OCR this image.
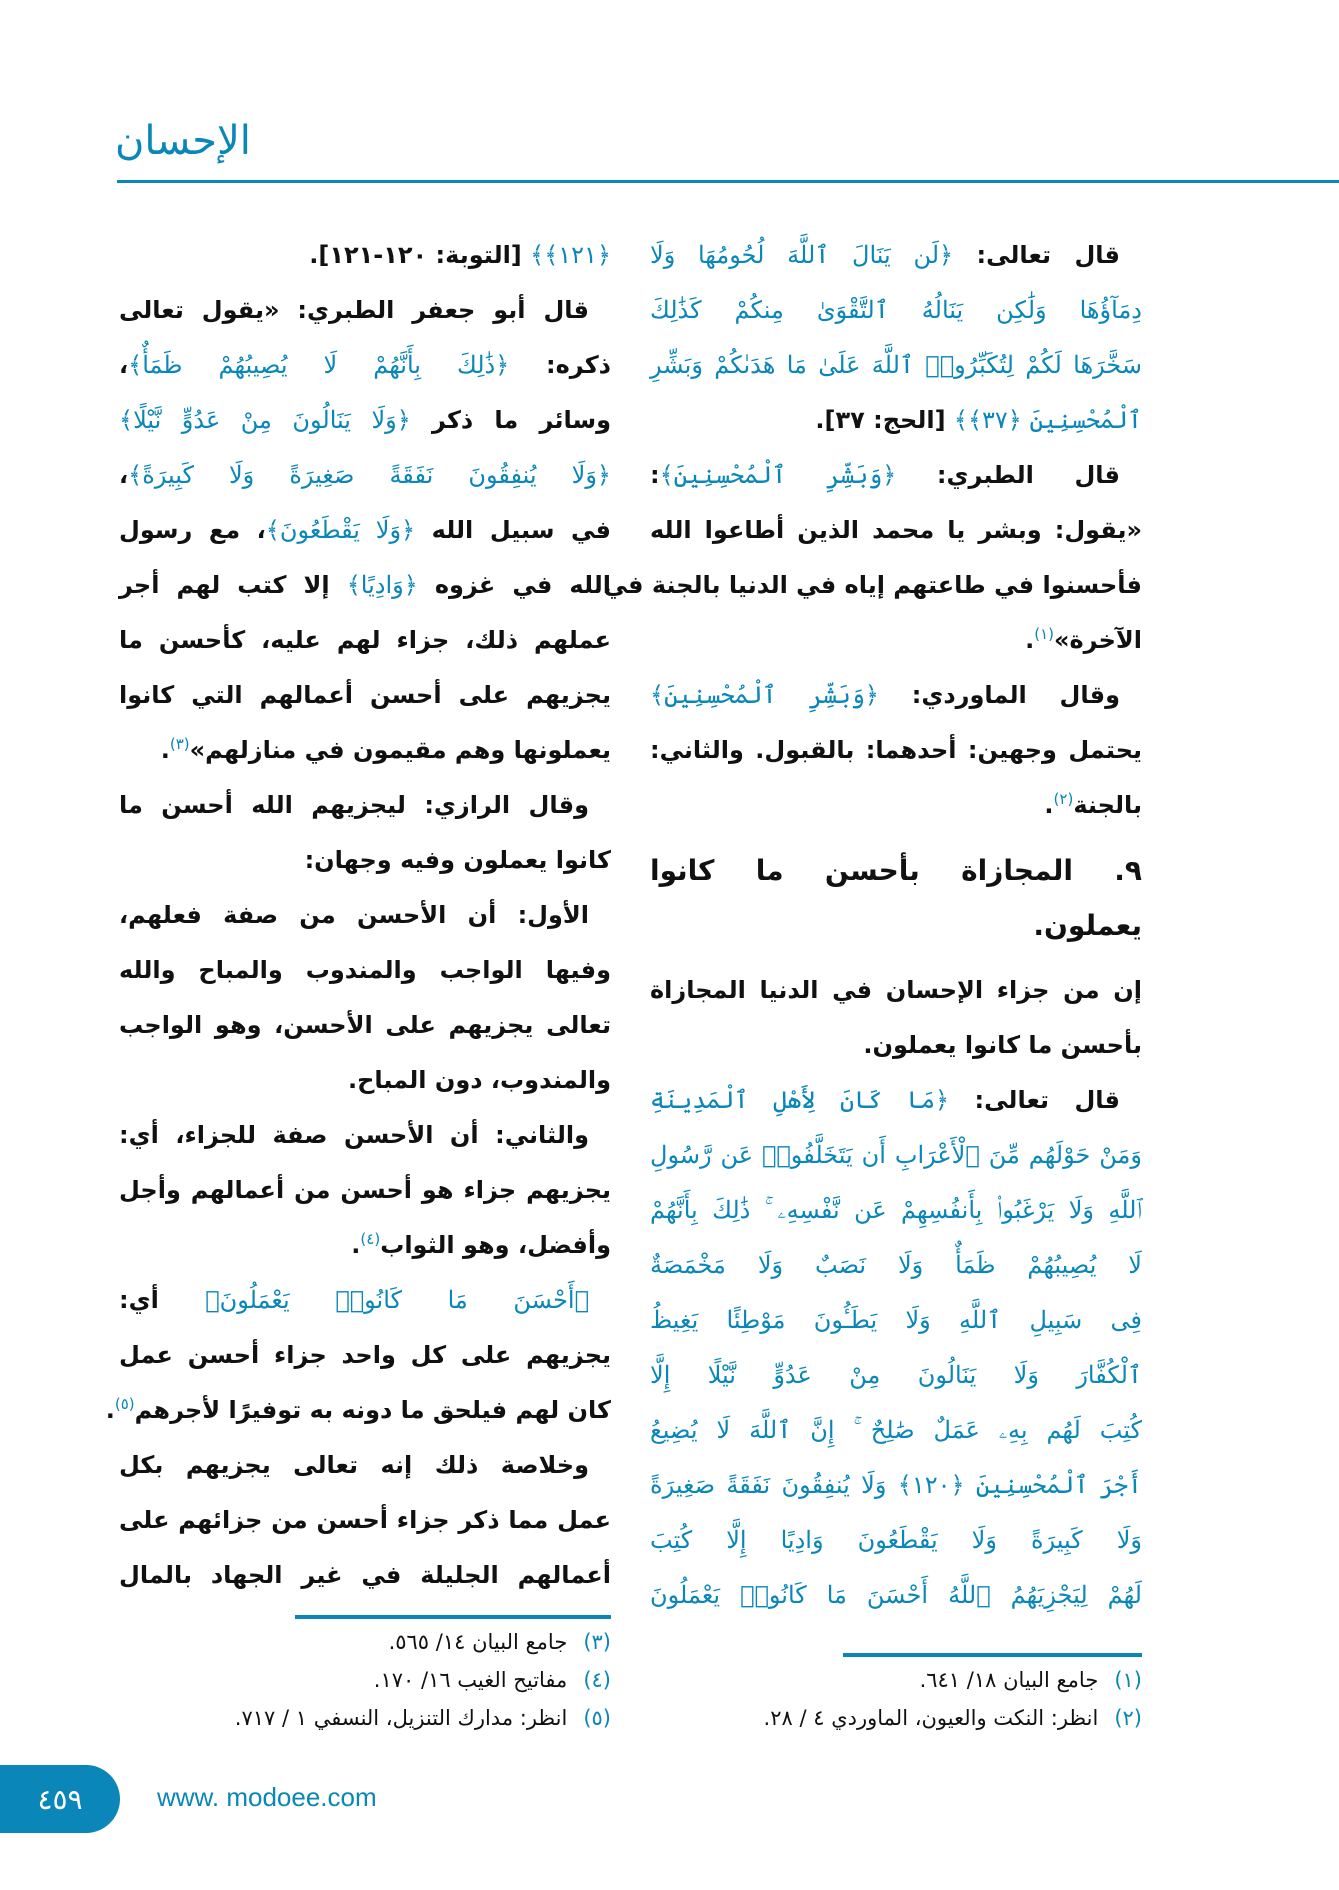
الإحسان
قال تعالى: ﴿لَن يَنَالَ ٱللَّهَ لُحُومُهَا وَلَا
دِمَآؤُهَا وَلَٰكِن يَنَالُهُ ٱلتَّقْوَىٰ مِنكُمْ كَذَٰلِكَ
سَخَّرَهَا لَكُمْ لِتُكَبِّرُوا۟ ٱللَّهَ عَلَىٰ مَا هَدَىٰكُمْ وَبَشِّرِ
ٱلْمُحْسِنِينَ ﴿٣٧﴾﴾ [الحج: ٣٧].
قال الطبري: ﴿وَبَشِّرِ ٱلْمُحْسِنِينَ﴾:
«يقول: وبشر يا محمد الذين أطاعوا الله
فأحسنوا في طاعتهم إياه في الدنيا بالجنة في
الآخرة»$^{(١)}$.
وقال الماوردي: ﴿وَبَشِّرِ ٱلْمُحْسِنِينَ﴾
يحتمل وجهين: أحدهما: بالقبول. والثاني:
بالجنة$^{(٢)}$.
٩. المجازاة بأحسن ما كانوا
يعملون.
إن من جزاء الإحسان في الدنيا المجازاة
بأحسن ما كانوا يعملون.
قال تعالى: ﴿مَا كَانَ لِأَهْلِ ٱلْمَدِينَةِ
وَمَنْ حَوْلَهُم مِّنَ ٱلْأَعْرَابِ أَن يَتَخَلَّفُوا۟ عَن رَّسُولِ
ٱللَّهِ وَلَا يَرْغَبُوا۟ بِأَنفُسِهِمْ عَن نَّفْسِهِۦ ۚ ذَٰلِكَ بِأَنَّهُمْ
لَا يُصِيبُهُمْ ظَمَأٌ وَلَا نَصَبٌ وَلَا مَخْمَصَةٌ
فِى سَبِيلِ ٱللَّهِ وَلَا يَطَـُٔونَ مَوْطِئًا يَغِيظُ
ٱلْكُفَّارَ وَلَا يَنَالُونَ مِنْ عَدُوٍّ نَّيْلًا إِلَّا
كُتِبَ لَهُم بِهِۦ عَمَلٌ صَٰلِحٌ ۚ إِنَّ ٱللَّهَ لَا يُضِيعُ
أَجْرَ ٱلْمُحْسِنِينَ ﴿١٢٠﴾ وَلَا يُنفِقُونَ نَفَقَةً صَغِيرَةً
وَلَا كَبِيرَةً وَلَا يَقْطَعُونَ وَادِيًا إِلَّا كُتِبَ
لَهُمْ لِيَجْزِيَهُمُ ٱللَّهُ أَحْسَنَ مَا كَانُوا۟ يَعْمَلُونَ
﴿١٢١﴾﴾ [التوبة: ١٢٠-١٢١].
قال أبو جعفر الطبري: «يقول تعالى
ذكره: ﴿ذَٰلِكَ بِأَنَّهُمْ لَا يُصِيبُهُمْ ظَمَأٌ﴾،
وسائر ما ذكر ﴿وَلَا يَنَالُونَ مِنْ عَدُوٍّ نَّيْلًا﴾
﴿وَلَا يُنفِقُونَ نَفَقَةً صَغِيرَةً وَلَا كَبِيرَةً﴾،
في سبيل الله ﴿وَلَا يَقْطَعُونَ﴾، مع رسول
الله في غزوه ﴿وَادِيًا﴾ إلا كتب لهم أجر
عملهم ذلك، جزاء لهم عليه، كأحسن ما
يجزيهم على أحسن أعمالهم التي كانوا
يعملونها وهم مقيمون في منازلهم»$^{(٣)}$.
وقال الرازي: ليجزيهم الله أحسن ما
كانوا يعملون وفيه وجهان:
الأول: أن الأحسن من صفة فعلهم،
وفيها الواجب والمندوب والمباح والله
تعالى يجزيهم على الأحسن، وهو الواجب
والمندوب، دون المباح.
والثاني: أن الأحسن صفة للجزاء، أي:
يجزيهم جزاء هو أحسن من أعمالهم وأجل
وأفضل، وهو الثواب$^{(٤)}$.
﴿أَحْسَنَ مَا كَانُوا۟ يَعْمَلُونَ﴾ أي:
يجزيهم على كل واحد جزاء أحسن عمل
كان لهم فيلحق ما دونه به توفيرًا لأجرهم$^{(٥)}$.
وخلاصة ذلك إنه تعالى يجزيهم بكل
عمل مما ذكر جزاء أحسن من جزائهم على
أعمالهم الجليلة في غير الجهاد بالمال
(١)جامع البيان ١٨/ ٦٤١.
(٢)انظر: النكت والعيون، الماوردي ٤ / ٢٨.
(٣)جامع البيان ١٤/ ٥٦٥.
(٤)مفاتيح الغيب ١٦/ ١٧٠.
(٥)انظر: مدارك التنزيل، النسفي ١ / ٧١٧.
٤٥٩	www. modoee.com
